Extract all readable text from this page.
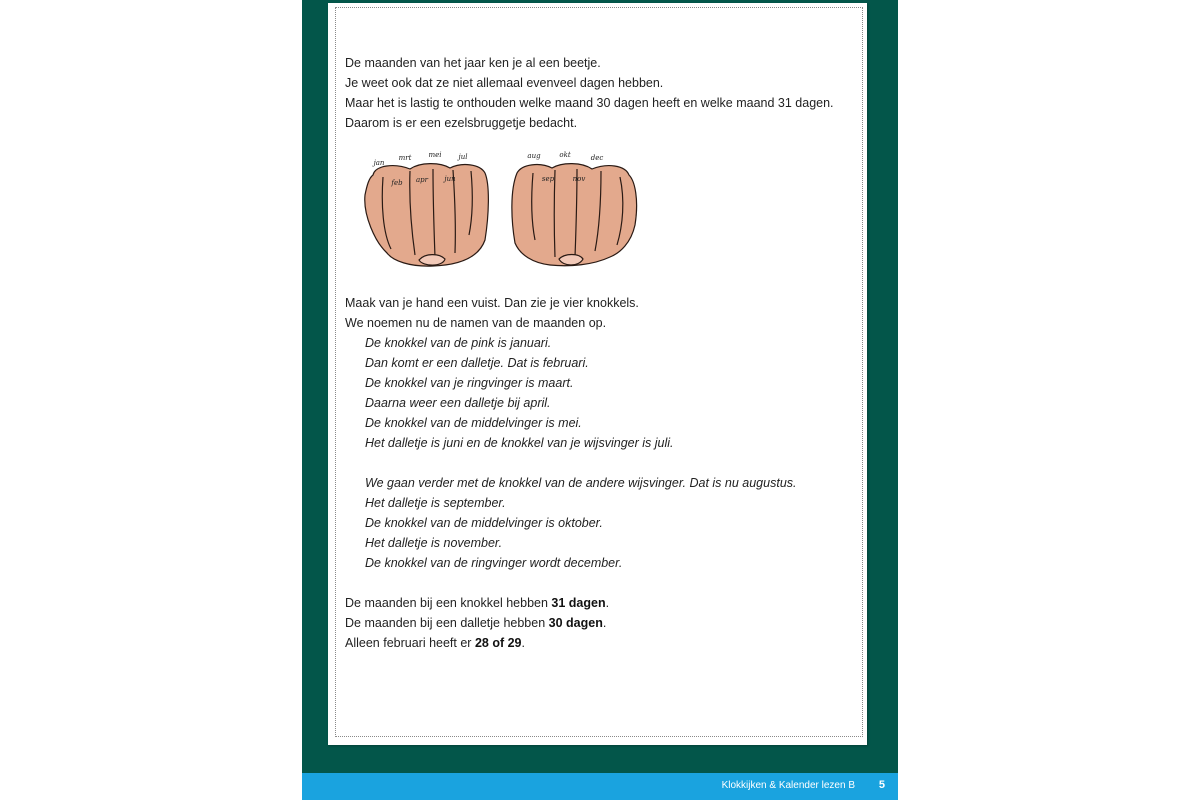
De maanden van het jaar ken je al een beetje.
Je weet ook dat ze niet allemaal evenveel dagen hebben.
Maar het is lastig te onthouden welke maand 30 dagen heeft en welke maand 31 dagen.
Daarom is er een ezelsbruggetje bedacht.
jan
mrt mei jul
feb apr jun
aug	okt	dec
sep	nov
Maak van je hand een vuist. Dan zie je vier knokkels.
We noemen nu de namen van de maanden op.
De knokkel van de pink is januari.
Dan komt er een dalletje. Dat is februari.
De knokkel van je ringvinger is maart.
Daarna weer een dalletje bij april.
De knokkel van de middelvinger is mei.
Het dalletje is juni en de knokkel van je wijsvinger is juli.
We gaan verder met de knokkel van de andere wijsvinger. Dat is nu augustus.
Het dalletje is september.
De knokkel van de middelvinger is oktober.
Het dalletje is november.
De knokkel van de ringvinger wordt december.
De maanden bij een knokkel hebben 31 dagen.
De maanden bij een dalletje hebben 30 dagen.
Alleen februari heeft er 28 of 29.
Klokkijken & Kalender lezen B 5
